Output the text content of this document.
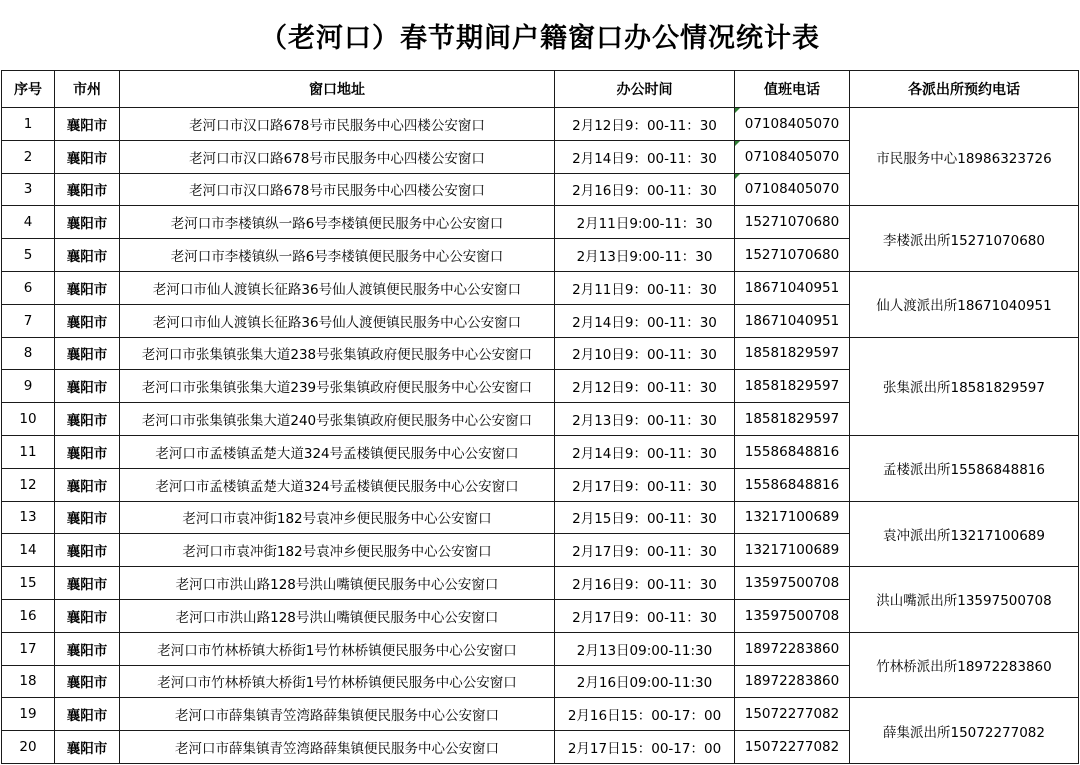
（老河口）春节期间户籍窗口办公情况统计表
序号	市州	窗口地址	办公时间	值班电话	各派出所预约电话
1	襄阳市	老河口市汉口路678号市民服务中心四楼公安窗口	2月12日9：00-11：30	07108405070	市民服务中心18986323726
2	襄阳市	老河口市汉口路678号市民服务中心四楼公安窗口	2月14日9：00-11：30	07108405070	
3	襄阳市	老河口市汉口路678号市民服务中心四楼公安窗口	2月16日9：00-11：30	07108405070	
4	襄阳市	老河口市李楼镇纵一路6号李楼镇便民服务中心公安窗口	2月11日9:00-11：30	15271070680	李楼派出所15271070680
5	襄阳市	老河口市李楼镇纵一路6号李楼镇便民服务中心公安窗口	2月13日9:00-11：30	15271070680	
6	襄阳市	老河口市仙人渡镇长征路36号仙人渡镇便民服务中心公安窗口	2月11日9：00-11：30	18671040951	仙人渡派出所18671040951
7	襄阳市	老河口市仙人渡镇长征路36号仙人渡便镇民服务中心公安窗口	2月14日9：00-11：30	18671040951	
8	襄阳市	老河口市张集镇张集大道238号张集镇政府便民服务中心公安窗口	2月10日9：00-11：30	18581829597	张集派出所18581829597
9	襄阳市	老河口市张集镇张集大道239号张集镇政府便民服务中心公安窗口	2月12日9：00-11：30	18581829597	
10	襄阳市	老河口市张集镇张集大道240号张集镇政府便民服务中心公安窗口	2月13日9：00-11：30	18581829597	
11	襄阳市	老河口市孟楼镇孟楚大道324号孟楼镇便民服务中心公安窗口	2月14日9：00-11：30	15586848816	孟楼派出所15586848816
12	襄阳市	老河口市孟楼镇孟楚大道324号孟楼镇便民服务中心公安窗口	2月17日9：00-11：30	15586848816	
13	襄阳市	老河口市袁冲街182号袁冲乡便民服务中心公安窗口	2月15日9：00-11：30	13217100689	袁冲派出所13217100689
14	襄阳市	老河口市袁冲街182号袁冲乡便民服务中心公安窗口	2月17日9：00-11：30	13217100689	
15	襄阳市	老河口市洪山路128号洪山嘴镇便民服务中心公安窗口	2月16日9：00-11：30	13597500708	洪山嘴派出所13597500708
16	襄阳市	老河口市洪山路128号洪山嘴镇便民服务中心公安窗口	2月17日9：00-11：30	13597500708	
17	襄阳市	老河口市竹林桥镇大桥街1号竹林桥镇便民服务中心公安窗口	2月13日09:00-11:30	18972283860	竹林桥派出所18972283860
18	襄阳市	老河口市竹林桥镇大桥街1号竹林桥镇便民服务中心公安窗口	2月16日09:00-11:30	18972283860	
19	襄阳市	老河口市薛集镇青笠湾路薛集镇便民服务中心公安窗口	2月16日15：00-17：00	15072277082	薛集派出所15072277082
20	襄阳市	老河口市薛集镇青笠湾路薛集镇便民服务中心公安窗口	2月17日15：00-17：00	15072277082	
